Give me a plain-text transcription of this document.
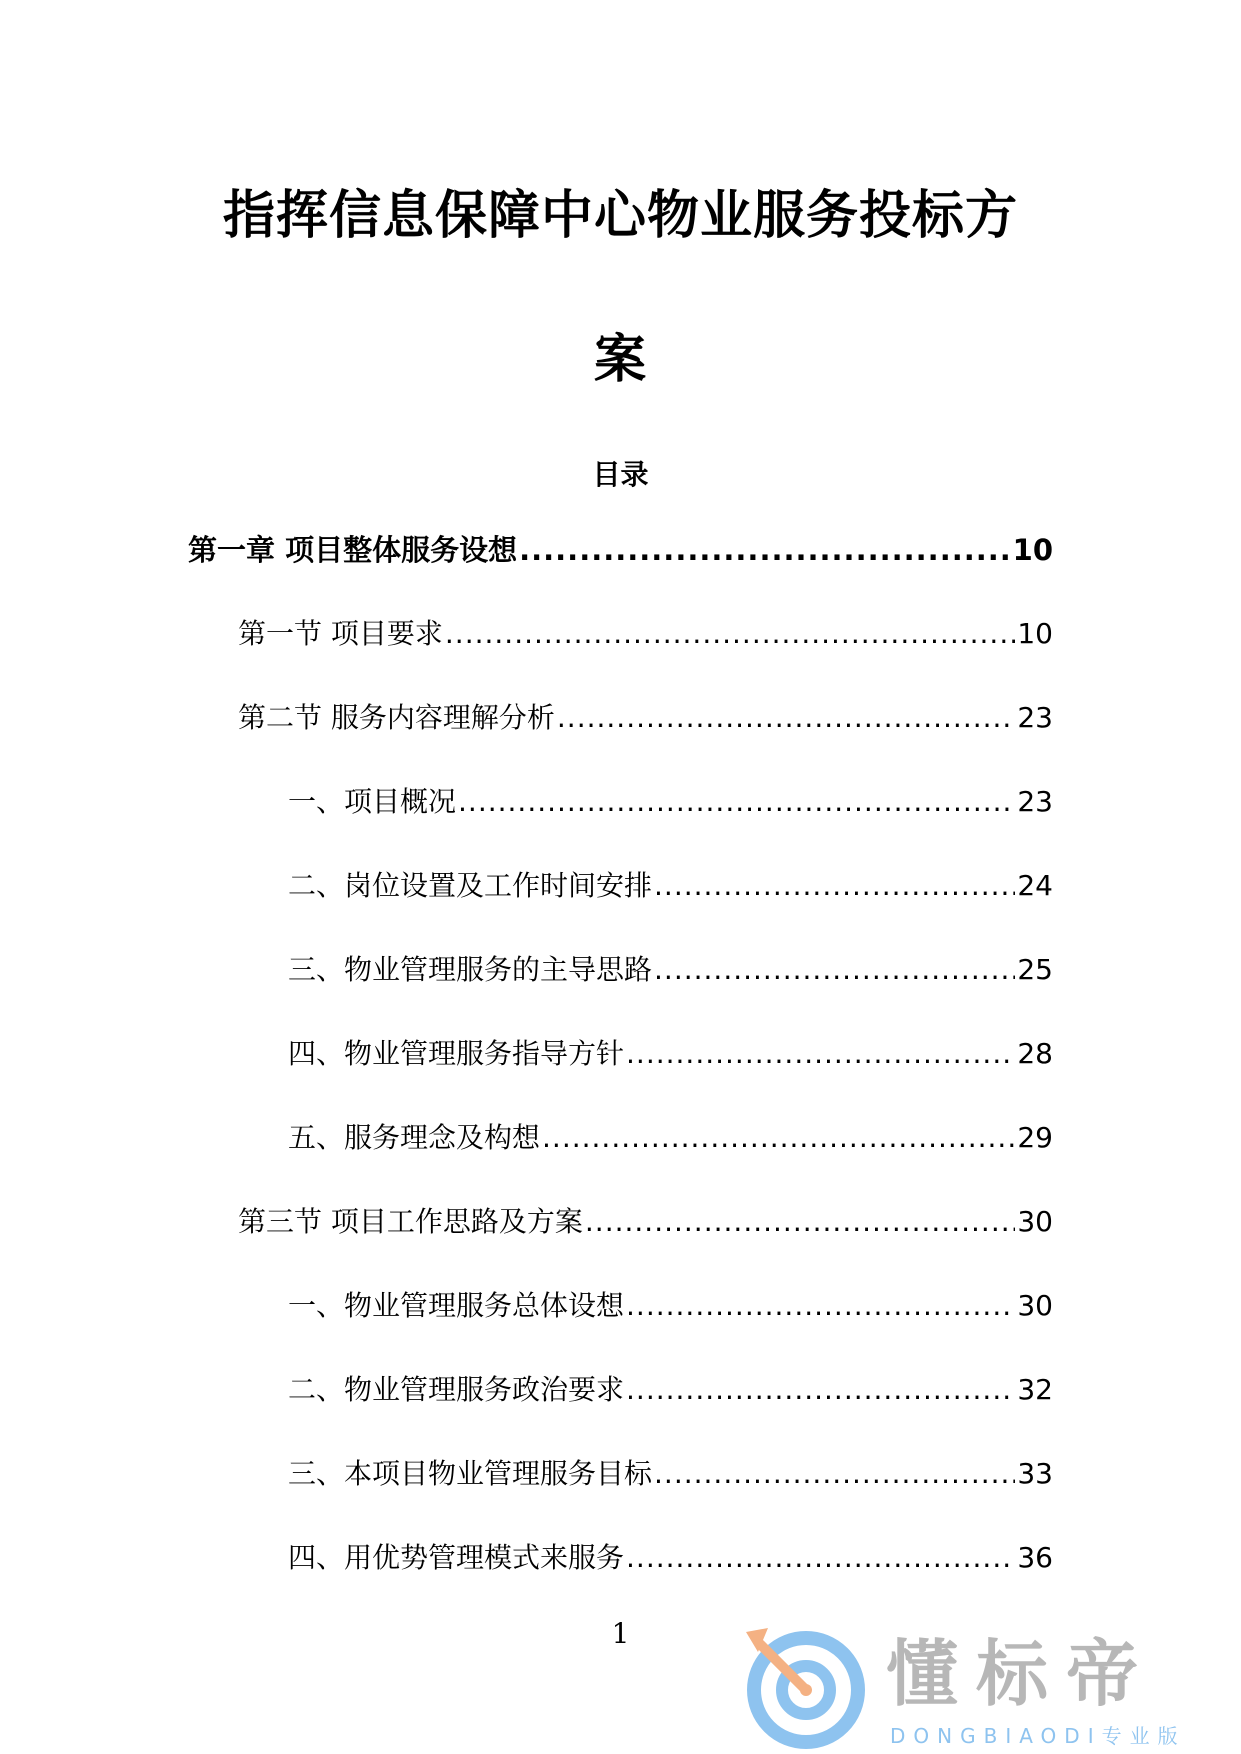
指挥信息保障中心物业服务投标方
案
目录
第一章 项目整体服务设想 .....	10
第一节 项目要求 .....	10
第二节 服务内容理解分析 .....	23
一、项目概况 .....	23
二、岗位设置及工作时间安排 .....	24
三、物业管理服务的主导思路 .....	25
四、物业管理服务指导方针 .....	28
五、服务理念及构想 .....	29
第三节 项目工作思路及方案 .....	30
一、物业管理服务总体设想 .....	30
二、物业管理服务政治要求 .....	32
三、本项目物业管理服务目标 .....	33
四、用优势管理模式来服务 .....	36
1	懂标帝
DONGBIAODI专业版
